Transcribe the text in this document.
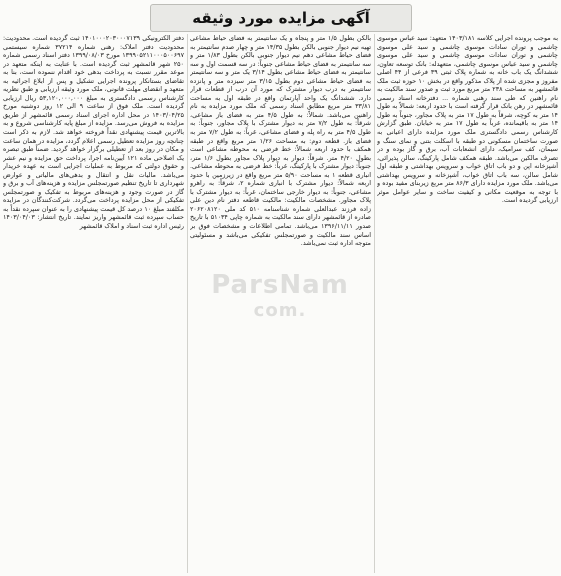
آگهی مزایده مورد وثیقه

به موجب پرونده اجرایی کلاسه ۱۴۰۳/۱۸۱ متعهد: سید عباس موسوی چاشمی و توران سادات موسوی چاشمی و سید علی موسوی چاشمی و توران سادات موسوی چاشمی و سید علی موسوی چاشمی و سید عباس موسوی چاشمی، متعهدله: بانک توسعه تعاون، ششدانگ یک باب خانه به شماره پلاک ثبتی ۳۹ فرعی از ۴۴ اصلی مفروز و مجزی شده از پلاک مذکور واقع در بخش ۱۰ حوزه ثبت ملک قائمشهر به مساحت ۲۳۸ متر مربع مورد ثبت و صدور سند مالکیت به نام راهنین که طی سند رهنی شماره ... دفترخانه اسناد رسمی قائمشهر در رهن بانک قرار گرفته است با حدود اربعه: شمالاً به طول ۱۴ متر به کوچه، شرقاً به طول ۱۷ متر به پلاک مجاور، جنوباً به طول ۱۴ متر به باقیمانده، غرباً به طول ۱۷ متر به خیابان. طبق گزارش کارشناس رسمی دادگستری ملک مورد مزایده دارای اعیانی به صورت ساختمان مسکونی دو طبقه با اسکلت بتنی و نمای سنگ و سیمان، کف سرامیک، دارای انشعابات آب، برق و گاز بوده و در تصرف مالکین می‌باشد. طبقه همکف شامل پارکینگ، سالن پذیرائی، آشپزخانه اپن و دو باب اتاق خواب و سرویس بهداشتی و طبقه اول شامل سالن، سه باب اتاق خواب، آشپزخانه و سرویس بهداشتی می‌باشد. ملک مورد مزایده دارای ۸۶/۳ متر مربع زیربنای مفید بوده و با توجه به موقعیت مکانی و کیفیت ساخت و سایر عوامل موثر ارزیابی گردیده است.

بالکن بطول ۱/۵ متر و پنجاه و یک سانتیمتر به فضای حیاط مشاعی تهیه نیم دیوار جنوبی بالکن بطول ۱۴/۳۵ متر و چهار صدم سانتیمتر به فضای حیاط مشاعی دهم نیم دیوار جنوبی بالکن بطول ۱/۸۳ متر و سه سانتیمتر به فضای حیاط مشاعی جنوباً: در سه قسمت اول و سه سانتیمتر به فضای حیاط مشاعی بطول ۳/۱۴ یک متر و سه سانتیمتر به فضای حیاط مشاعی دوم بطول ۳/۱۵ متر سیزده متر و پانزده سانتیمتر به درب دیوار مشترک که مورد آن درب از قطعات قرار دارد. ششدانگ یک واحد آپارتمان واقع در طبقه اول به مساحت ۳۳/۸۱ متر مربع مطابق اسناد رسمی که ملک مورد مزایده به نام راهنین می‌باشد. شمالاً: به طول ۴/۵ متر به فضای باز مشاعی، شرقاً: به طول ۷/۲ متر به دیوار مشترک با پلاک مجاور، جنوباً: به طول ۴/۵ متر به راه پله و فضای مشاعی، غرباً: به طول ۷/۲ متر به فضای باز. قطعه دوم: به مساحت ۱/۲۶ متر مربع واقع در طبقه همکف با حدود اربعه شمالاً: خط فرضی به محوطه مشاعی است بطول ۴/۲۰ متر. شرقاً: دیوار به دیوار پلاک مجاور بطول ۱/۶ متر، جنوباً: دیوار مشترک با پارکینگ، غرباً: خط فرضی به محوطه مشاعی. انباری قطعه ۱ به مساحت ۵/۹۰ متر مربع واقع در زیرزمین با حدود اربعه شمالاً: دیوار مشترک با انباری شماره ۲، شرقاً: به راهرو مشاعی، جنوباً: به دیوار خارجی ساختمان، غرباً: به دیوار مشترک با پلاک مجاور. مشخصات مالکیت: مالکیت قاطعه دفتر نام دین علی زاده فرزند عبدالعلی شماره شناسنامه ۵۱۰ کد ملی ۲۰۶۲۰۸۱۲۰ صادره از قائمشهر دارای سند مالکیت به شماره چاپی ۵۱۰۳۴ با تاریخ صدور ۱۳۹۶/۱۱/۱۱ می‌باشد. تمامی اطلاعات و مشخصات فوق بر اساس سند مالکیت و صورتمجلس تفکیکی می‌باشد و مسئولیتی متوجه اداره ثبت نمی‌باشد.

دفتر الکترونیکی ۱۴۰۱۰۰۰۲۰۳۰۰۰۷۱۳۹ ثبت گردیده است. محدودیت: محدودیت دفتر املاک: رهنی شماره ۳۷۲۱۴ شماره سیستمی ۱۳۹۹۰۵۲۱۱۰۰۰۵۰۰۶۹۷ مورخ ۱۳۹۹/۰۸/۰۳ دفتر اسناد رسمی شماره ۲۵۰ شهر قائمشهر ثبت گردیده است. با عنایت به اینکه متعهد در موعد مقرر نسبت به پرداخت بدهی خود اقدام ننموده است، بنا به تقاضای بستانکار پرونده اجرایی تشکیل و پس از ابلاغ اجرائیه به متعهد و انقضای مهلت قانونی، ملک مورد وثیقه ارزیابی و طبق نظریه کارشناس رسمی دادگستری به مبلغ ۵۳,۱۲۰,۰۰۰,۰۰۰ ریال ارزیابی گردیده است. ملک فوق از ساعت ۹ الی ۱۲ روز دوشنبه مورخ ۱۴۰۳/۰۴/۲۵ در محل اداره اجرای اسناد رسمی قائمشهر از طریق مزایده به فروش می‌رسد. مزایده از مبلغ پایه کارشناسی شروع و به بالاترین قیمت پیشنهادی نقداً فروخته خواهد شد. لازم به ذکر است چنانچه روز مزایده تعطیل رسمی اعلام گردد، مزایده در همان ساعت و مکان در روز بعد از تعطیلی برگزار خواهد گردید. ضمناً طبق تبصره یک اصلاحی ماده ۱۲۱ آیین‌نامه اجرا، پرداخت حق مزایده و نیم عشر و حقوق دولتی که مربوط به عملیات اجرایی است به عهده خریدار می‌باشد. مالیات نقل و انتقال و بدهی‌های مالیاتی و عوارض شهرداری تا تاریخ تنظیم صورتمجلس مزایده و هزینه‌های آب و برق و گاز در صورت وجود و هزینه‌های مربوط به تفکیک و صورتمجلس تفکیکی از محل مزایده پرداخت می‌گردد. شرکت‌کنندگان در مزایده مکلفند مبلغ ۱۰ درصد کل قیمت پیشنهادی را به عنوان سپرده نقداً به حساب سپرده ثبت قائمشهر واریز نمایند. تاریخ انتشار: ۱۴۰۳/۰۴/۰۳ رئیس اداره ثبت اسناد و املاک قائمشهر

ParsNam
com.
